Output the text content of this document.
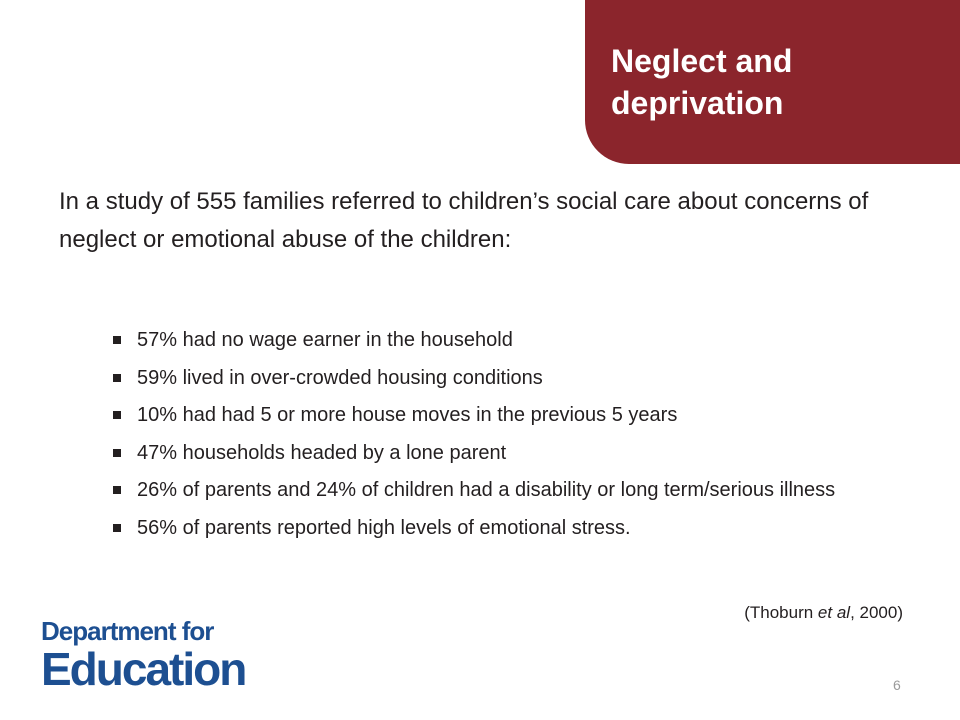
Neglect and deprivation

In a study of 555 families referred to children’s social care about concerns of neglect or emotional abuse of the children:

57% had no wage earner in the household
59% lived in over-crowded housing conditions
10% had had 5 or more house moves in the previous 5 years
47% households headed by a lone parent
26% of parents and 24% of children had a disability or long term/serious illness
56% of parents reported high levels of emotional stress.
(Thoburn et al, 2000)
Department for
Education	6
